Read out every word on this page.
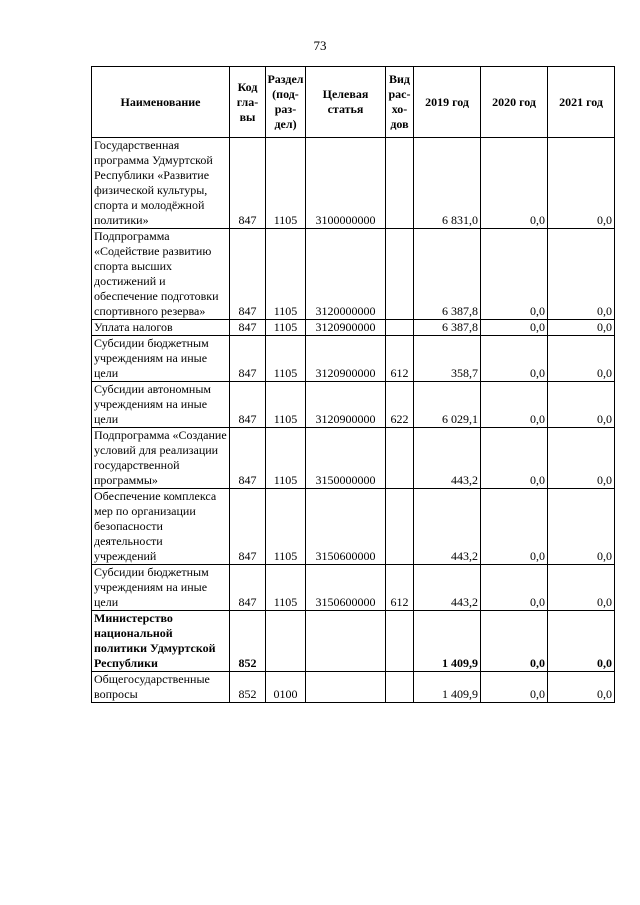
73
Наименование	Код гла-вы	Раздел (под-раз-дел)	Целевая статья	Вид рас-хо-дов	2019 год	2020 год	2021 год
Государственная программа Удмуртской Республики «Развитие физической культуры, спорта и молодёжной политики»	847	1105	3100000000		6 831,0	0,0	0,0
Подпрограмма «Содействие развитию спорта высших достижений и обеспечение подготовки спортивного резерва»	847	1105	3120000000		6 387,8	0,0	0,0
Уплата налогов	847	1105	3120900000		6 387,8	0,0	0,0
Субсидии бюджетным учреждениям на иные цели	847	1105	3120900000	612	358,7	0,0	0,0
Субсидии автономным учреждениям на иные цели	847	1105	3120900000	622	6 029,1	0,0	0,0
Подпрограмма «Создание условий для реализации государственной программы»	847	1105	3150000000		443,2	0,0	0,0
Обеспечение комплекса мер по организации безопасности деятельности учреждений	847	1105	3150600000		443,2	0,0	0,0
Субсидии бюджетным учреждениям на иные цели	847	1105	3150600000	612	443,2	0,0	0,0
Министерство национальной политики Удмуртской Республики	852				1 409,9	0,0	0,0
Общегосударственные вопросы	852	0100			1 409,9	0,0	0,0
